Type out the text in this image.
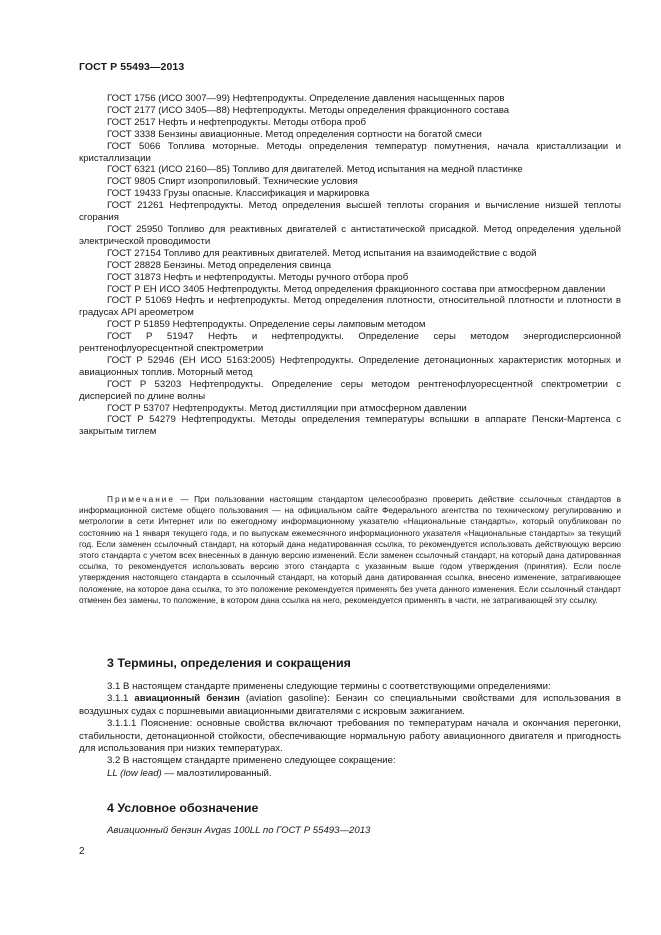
ГОСТ Р 55493—2013

ГОСТ 1756 (ИСО 3007—99) Нефтепродукты. Определение давления насыщенных паров

ГОСТ 2177 (ИСО 3405—88) Нефтепродукты. Методы определения фракционного состава

ГОСТ 2517 Нефть и нефтепродукты. Методы отбора проб

ГОСТ 3338 Бензины авиационные. Метод определения сортности на богатой смеси

ГОСТ 5066 Топлива моторные. Методы определения температур помутнения, начала кристаллизации и кристаллизации

ГОСТ 6321 (ИСО 2160—85) Топливо для двигателей. Метод испытания на медной пластинке

ГОСТ 9805 Спирт изопропиловый. Технические условия

ГОСТ 19433 Грузы опасные. Классификация и маркировка

ГОСТ 21261 Нефтепродукты. Метод определения высшей теплоты сгорания и вычисление низшей теплоты сгорания

ГОСТ 25950 Топливо для реактивных двигателей с антистатической присадкой. Метод определения удельной электрической проводимости

ГОСТ 27154 Топливо для реактивных двигателей. Метод испытания на взаимодействие с водой

ГОСТ 28828 Бензины. Метод определения свинца

ГОСТ 31873 Нефть и нефтепродукты. Методы ручного отбора проб

ГОСТ Р ЕН ИСО 3405 Нефтепродукты. Метод определения фракционного состава при атмосферном давлении

ГОСТ Р 51069 Нефть и нефтепродукты. Метод определения плотности, относительной плотности и плотности в градусах API ареометром

ГОСТ Р 51859 Нефтепродукты. Определение серы ламповым методом

ГОСТ Р 51947 Нефть и нефтепродукты. Определение серы методом энергодисперсионной рентгенофлуоресцентной спектрометрии

ГОСТ Р 52946 (ЕН ИСО 5163:2005) Нефтепродукты. Определение детонационных характеристик моторных и авиационных топлив. Моторный метод

ГОСТ Р 53203 Нефтепродукты. Определение серы методом рентгенофлуоресцентной спектрометрии с дисперсией по длине волны

ГОСТ Р 53707 Нефтепродукты. Метод дистилляции при атмосферном давлении

ГОСТ Р 54279 Нефтепродукты. Методы определения температуры вспышки в аппарате Пенски-Мартенса с закрытым тиглем

Примечание — При пользовании настоящим стандартом целесообразно проверить действие ссылочных стандартов в информационной системе общего пользования — на официальном сайте Федерального агентства по техническому регулированию и метрологии в сети Интернет или по ежегодному информационному указателю «Национальные стандарты», который опубликован по состоянию на 1 января текущего года, и по выпускам ежемесячного информационного указателя «Национальные стандарты» за текущий год. Если заменен ссылочный стандарт, на который дана недатированная ссылка, то рекомендуется использовать действующую версию этого стандарта с учетом всех внесенных в данную версию изменений. Если заменен ссылочный стандарт, на который дана датированная ссылка, то рекомендуется использовать версию этого стандарта с указанным выше годом утверждения (принятия). Если после утверждения настоящего стандарта в ссылочный стандарт, на который дана датированная ссылка, внесено изменение, затрагивающее положение, на которое дана ссылка, то это положение рекомендуется применять без учета данного изменения. Если ссылочный стандарт отменен без замены, то положение, в котором дана ссылка на него, рекомендуется применять в части, не затрагивающей эту ссылку.

3 Термины, определения и сокращения

3.1 В настоящем стандарте применены следующие термины с соответствующими определениями:

3.1.1 авиационный бензин (aviation gasoline): Бензин со специальными свойствами для использования в воздушных судах с поршневыми авиационными двигателями с искровым зажиганием.

3.1.1.1 Пояснение: основные свойства включают требования по температурам начала и окончания перегонки, стабильности, детонационной стойкости, обеспечивающие нормальную работу авиационного двигателя и пригодность для использования при низких температурах.

3.2 В настоящем стандарте применено следующее сокращение:

LL (low lead) — малоэтилированный.

4 Условное обозначение
Авиационный бензин Avgas 100LL по ГОСТ Р 55493—2013
2
